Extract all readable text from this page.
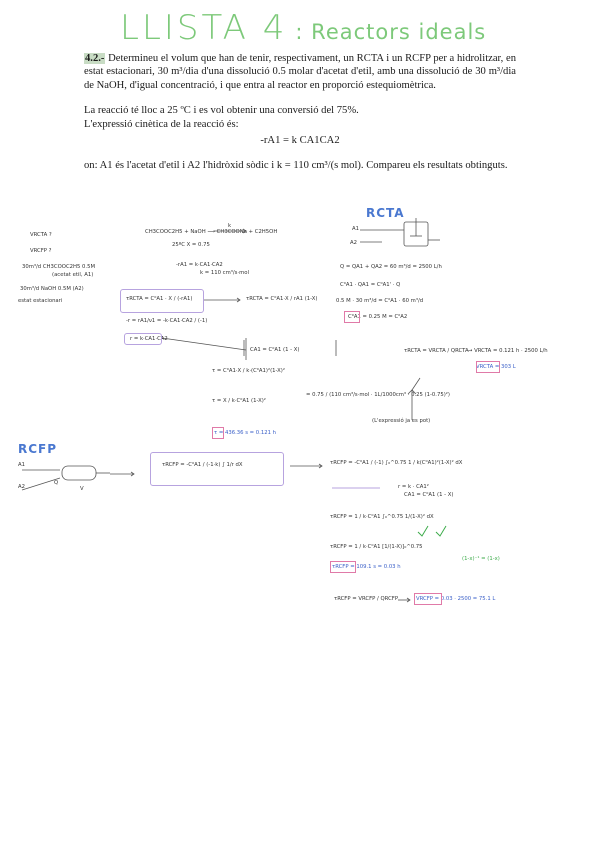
LLISTA 4 : Reactors ideals

4.2.- Determineu el volum que han de tenir, respectivament, un RCTA i un RCFP per a hidrolitzar, en estat estacionari, 30 m³/dia d'una dissolució 0.5 molar d'acetat d'etil, amb una dissolució de 30 m³/dia de NaOH, d'igual concentració, i que entra al reactor en proporció estequiomètrica.

La reacció té lloc a 25 ºC i es vol obtenir una conversió del 75%.
L'expressió cinètica de la reacció és:

-rA1 = k CA1CA2

on: A1 és l'acetat d'etil i A2 l'hidròxid sòdic i k = 110 cm³/(s mol). Compareu els resultats obtinguts.

VRCTA ?
VRCFP ?
30m³/d CH3COOC2H5 0.5M
(acetat etil, A1)
30m³/d NaOH 0.5M (A2)
estat estacionari
CH3COOC2H5 + NaOH ⟶ CH3COONa + C2H5OH
k
25ºC X = 0.75
-rA1 = k·CA1·CA2
k = 110 cm³/s·mol
RCTA
A1
A2
Q = QA1 + QA2 = 60 m³/d = 2500 L/h
C⁰A1 · QA1 = C⁰A1' · Q
0.5 M · 30 m³/d = C⁰A1 · 60 m³/d
C⁰A1 = 0.25 M = C⁰A2
τRCTA = C⁰A1 · X / (-rA1)	τRCTA = C⁰A1·X / rA1 (1-X)
-r = rA1/ν1 = -k·CA1·CA2 / (-1)
r = k·CA1·CA2
CA1 = C⁰A1 (1 - X)
τ = C⁰A1·X / k·(C⁰A1)²(1-X)²
τ = X / k·C⁰A1 (1-X)²
= 0.75 / (110 cm³/s·mol · 1L/1000cm³ · 0.25 (1-0.75)²)
(L'expressió ja es pot)
τ = 436.36 s = 0.121 h
τRCTA = VRCTA / QRCTA → VRCTA = 0.121 h · 2500 L/h
VRCTA = 303 L
RCFP
A1
A2
Q
V
τRCFP = -C⁰A1 / (-1·k) ∫ 1/r dX	τRCFP = -C⁰A1 / (-1) ∫₀^0.75 1 / k(C⁰A1)²(1-X)² dX
r = k · CA1²
CA1 = C⁰A1 (1 - X)
τRCFP = 1 / k·C⁰A1 ∫₀^0.75 1/(1-X)² dX
τRCFP = 1 / k·C⁰A1 [1/(1-X)]₀^0.75
(1-x)⁻¹ = (1-x)
τRCFP = 109.1 s = 0.03 h
τRCFP = VRCFP / QRCFP	VRCFP = 0.03 · 2500 = 75.1 L
